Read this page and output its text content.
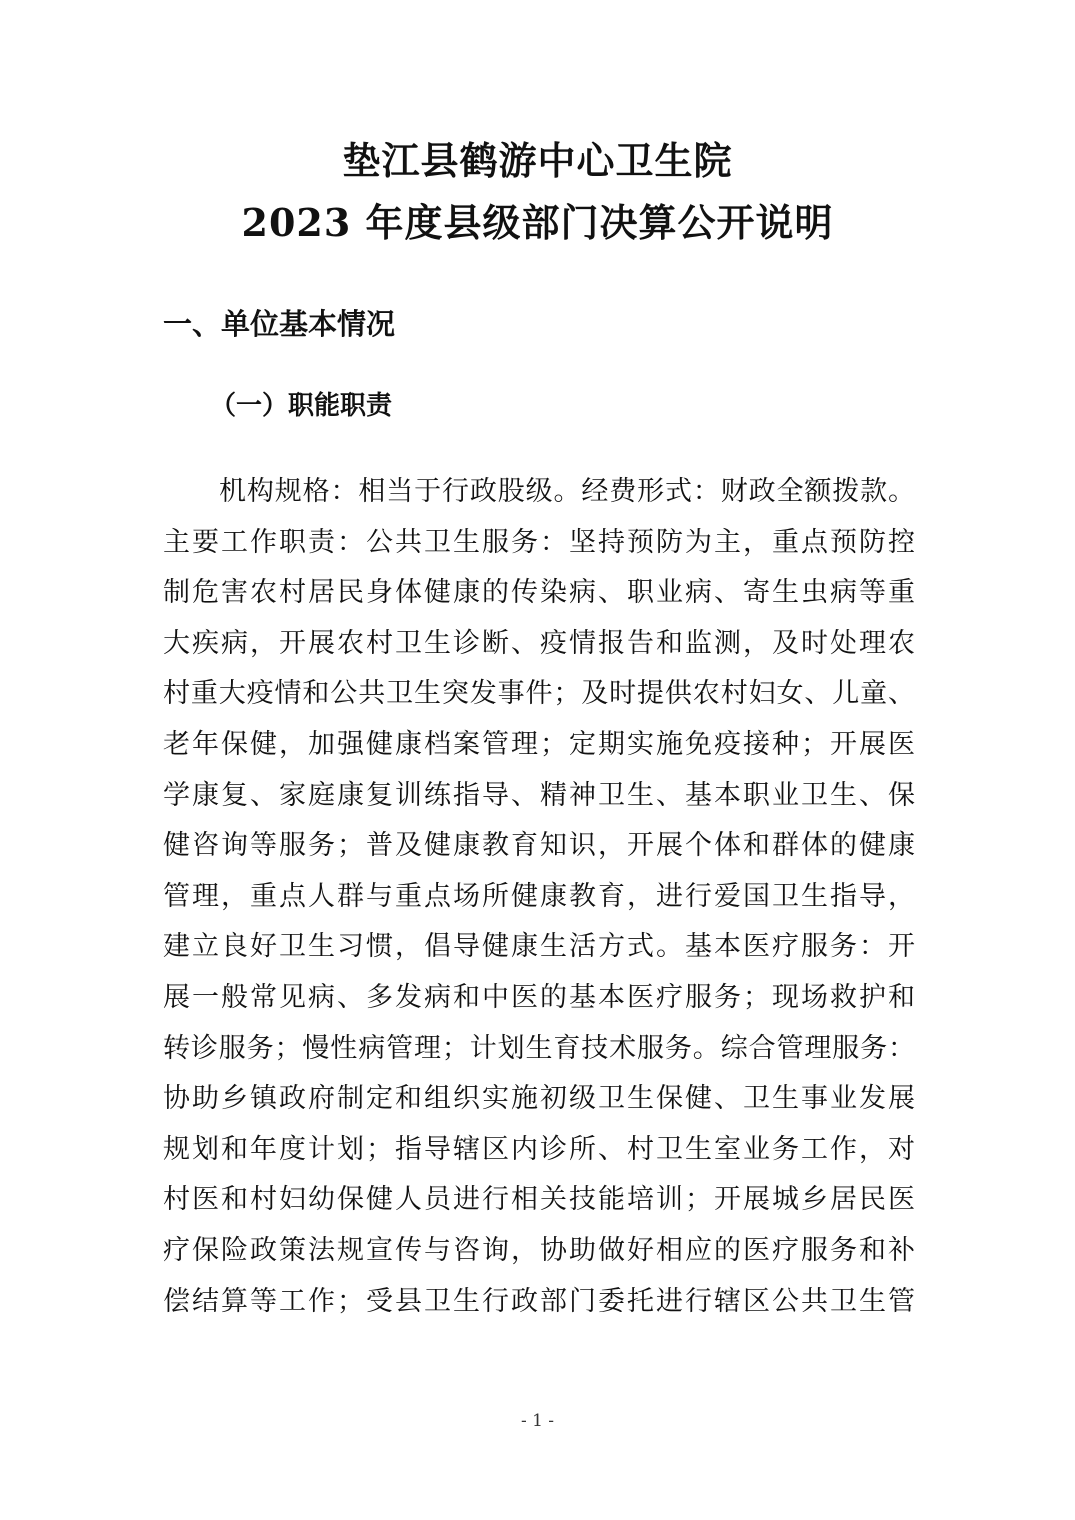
垫江县鹤游中心卫生院
2023 年度县级部门决算公开说明
一、单位基本情况
（一）职能职责
机构规格：相当于行政股级。经费形式：财政全额拨款。
主要工作职责：公共卫生服务：坚持预防为主，重点预防控
制危害农村居民身体健康的传染病、职业病、寄生虫病等重
大疾病，开展农村卫生诊断、疫情报告和监测，及时处理农
村重大疫情和公共卫生突发事件；及时提供农村妇女、儿童、
老年保健，加强健康档案管理；定期实施免疫接种；开展医
学康复、家庭康复训练指导、精神卫生、基本职业卫生、保
健咨询等服务；普及健康教育知识，开展个体和群体的健康
管理，重点人群与重点场所健康教育，进行爱国卫生指导，
建立良好卫生习惯，倡导健康生活方式。基本医疗服务：开
展一般常见病、多发病和中医的基本医疗服务；现场救护和
转诊服务；慢性病管理；计划生育技术服务。综合管理服务：
协助乡镇政府制定和组织实施初级卫生保健、卫生事业发展
规划和年度计划；指导辖区内诊所、村卫生室业务工作，对
村医和村妇幼保健人员进行相关技能培训；开展城乡居民医
疗保险政策法规宣传与咨询，协助做好相应的医疗服务和补
偿结算等工作；受县卫生行政部门委托进行辖区公共卫生管
- 1 -
